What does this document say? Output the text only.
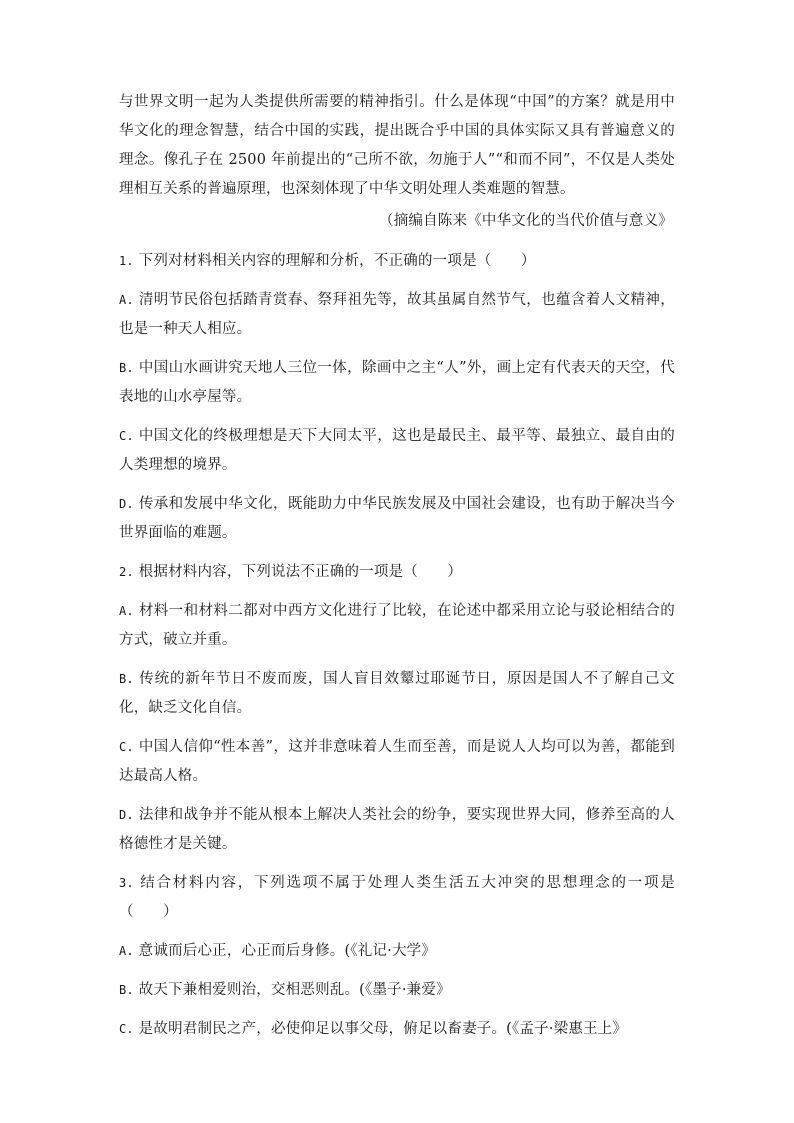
与世界文明一起为人类提供所需要的精神指引。什么是体现“中国”的方案？就是用中华文化的理念智慧，结合中国的实践，提出既合乎中国的具体实际又具有普遍意义的理念。像孔子在 2500 年前提出的“己所不欲，勿施于人”“和而不同”，不仅是人类处理相互关系的普遍原理，也深刻体现了中华文明处理人类难题的智慧。

（摘编自陈来《中华文化的当代价值与意义》

1. 下列对材料相关内容的理解和分析，不正确的一项是（　　）

A. 清明节民俗包括踏青赏春、祭拜祖先等，故其虽属自然节气，也蕴含着人文精神，也是一种天人相应。

B. 中国山水画讲究天地人三位一体，除画中之主“人”外，画上定有代表天的天空，代表地的山水亭屋等。

C. 中国文化的终极理想是天下大同太平，这也是最民主、最平等、最独立、最自由的人类理想的境界。

D. 传承和发展中华文化，既能助力中华民族发展及中国社会建设，也有助于解决当今世界面临的难题。

2. 根据材料内容，下列说法不正确的一项是（　　）

A. 材料一和材料二都对中西方文化进行了比较，在论述中都采用立论与驳论相结合的方式，破立并重。

B. 传统的新年节日不废而废，国人盲目效颦过耶诞节日，原因是国人不了解自己文化，缺乏文化自信。

C. 中国人信仰“性本善”，这并非意味着人生而至善，而是说人人均可以为善，都能到达最高人格。

D. 法律和战争并不能从根本上解决人类社会的纷争，要实现世界大同，修养至高的人格德性才是关键。

3. 结合材料内容，下列选项不属于处理人类生活五大冲突的思想理念的一项是（　　）

A. 意诚而后心正，心正而后身修。(《礼记·大学》

B. 故天下兼相爱则治，交相恶则乱。(《墨子·兼爱》

C. 是故明君制民之产，必使仰足以事父母，俯足以畜妻子。(《孟子·梁惠王上》
